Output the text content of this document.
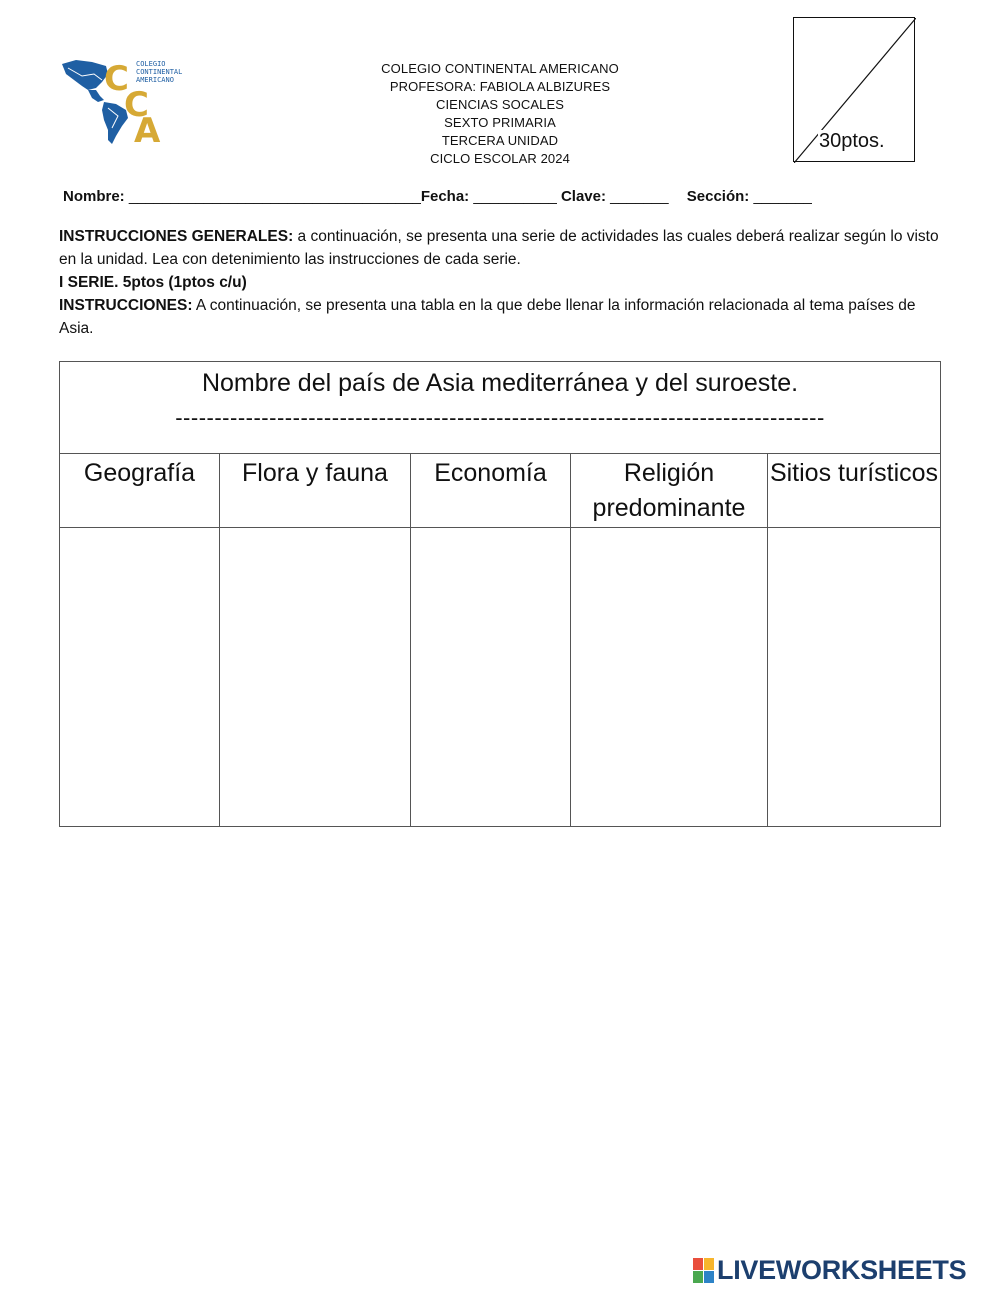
C
C
A
COLEGIO
CONTINENTAL
AMERICANO
COLEGIO CONTINENTAL AMERICANO
PROFESORA: FABIOLA ALBIZURES
CIENCIAS SOCALES
SEXTO PRIMARIA
TERCERA UNIDAD
CICLO ESCOLAR 2024
30ptos.
Nombre: ___________________________________Fecha: __________ Clave: _______ Sección: _______

INSTRUCCIONES GENERALES: a continuación, se presenta una serie de actividades las cuales deberá realizar según lo visto en la unidad. Lea con detenimiento las instrucciones de cada serie.

I SERIE. 5ptos (1ptos c/u)

INSTRUCCIONES: A continuación, se presenta una tabla en la que debe llenar la información relacionada al tema países de Asia.

Nombre del país de Asia mediterránea y del suroeste.
-----------------------------------------------------------------------------------				

Geografía	Flora y fauna	Economía	Religión predominante	Sitios turísticos

LIVEWORKSHEETS
